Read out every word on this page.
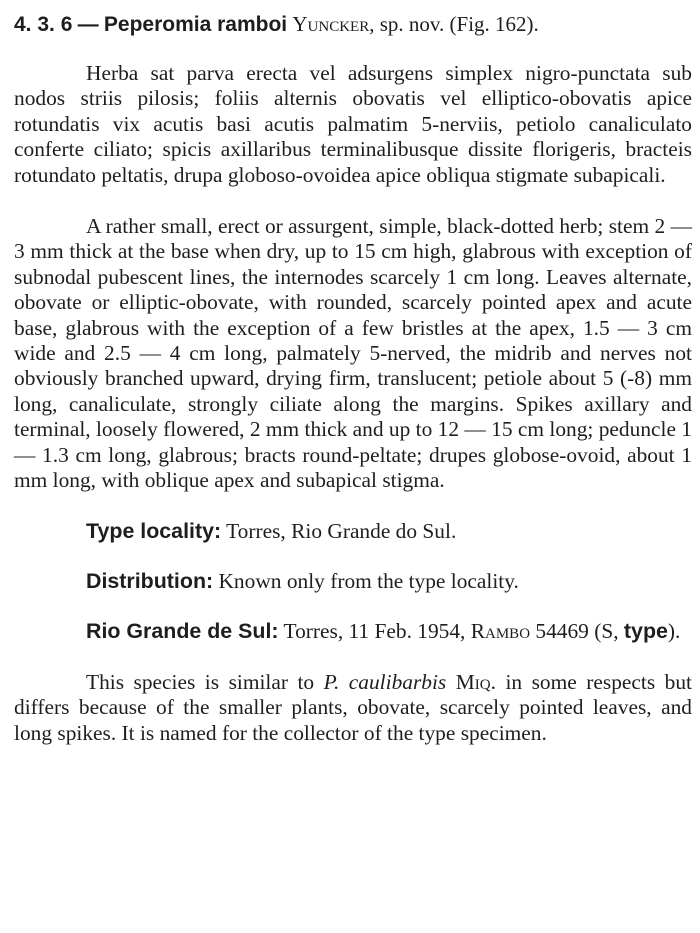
4. 3. 6 — Peperomia ramboi Yuncker, sp. nov. (Fig. 162).

Herba sat parva erecta vel adsurgens simplex nigro-punctata sub nodos striis pilosis; foliis alternis obovatis vel elliptico-obovatis apice rotundatis vix acutis basi acutis palmatim 5-nerviis, petiolo canaliculato conferte ciliato; spicis axillaribus terminalibusque dissite florigeris, bracteis rotundato peltatis, drupa globoso-ovoidea apice obliqua stigmate subapicali.

A rather small, erect or assurgent, simple, black-dotted herb; stem 2 — 3 mm thick at the base when dry, up to 15 cm high, glabrous with exception of subnodal pubescent lines, the internodes scarcely 1 cm long. Leaves alternate, obovate or elliptic-obovate, with rounded, scarcely pointed apex and acute base, glabrous with the exception of a few bristles at the apex, 1.5 — 3 cm wide and 2.5 — 4 cm long, palmately 5-nerved, the midrib and nerves not obviously branched upward, drying firm, translucent; petiole about 5 (-8) mm long, canaliculate, strongly ciliate along the margins. Spikes axillary and terminal, loosely flowered, 2 mm thick and up to 12 — 15 cm long; peduncle 1 — 1.3 cm long, glabrous; bracts round-peltate; drupes globose-ovoid, about 1 mm long, with oblique apex and subapical stigma.

Type locality: Torres, Rio Grande do Sul.

Distribution: Known only from the type locality.

Rio Grande de Sul: Torres, 11 Feb. 1954, Rambo 54469 (S, type).

This species is similar to P. caulibarbis Miq. in some respects but differs because of the smaller plants, obovate, scarcely pointed leaves, and long spikes. It is named for the collector of the type specimen.
